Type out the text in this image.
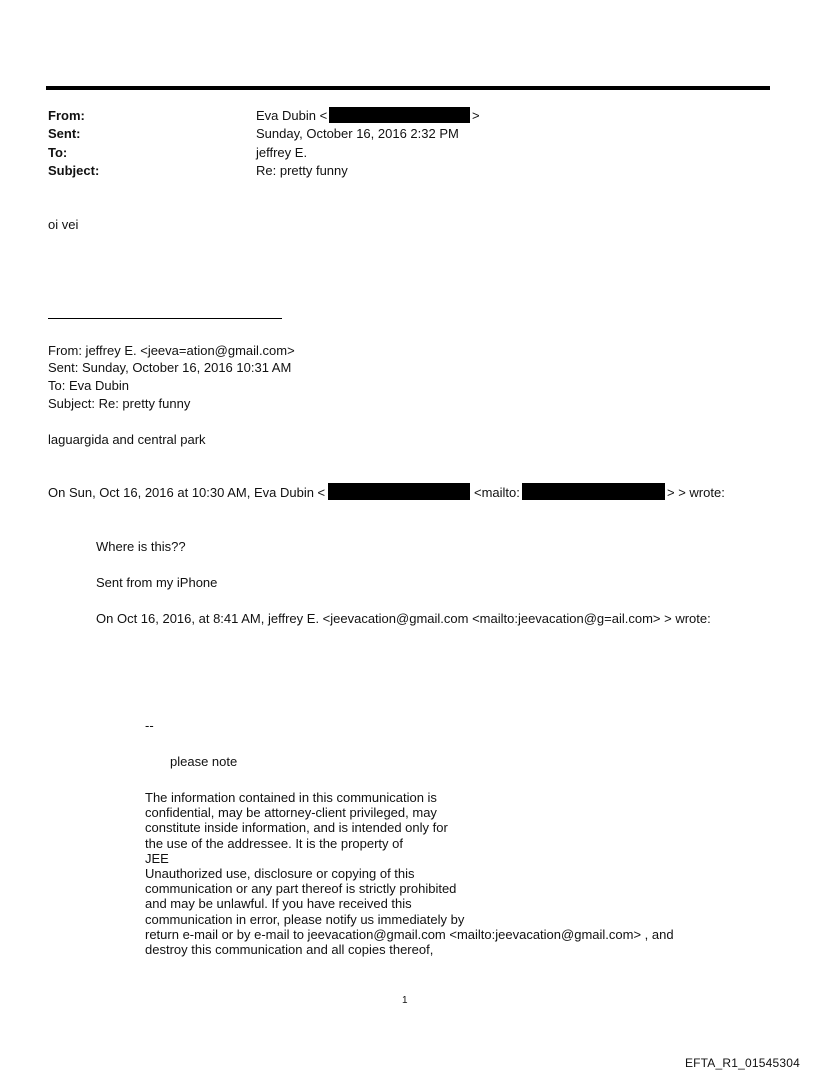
From:	Eva Dubin <	>
Sent:	Sunday, October 16, 2016 2:32 PM
To:	jeffrey E.
Subject:	Re: pretty funny
oi vei
From: jeffrey E. <jeeva=ation@gmail.com>
Sent: Sunday, October 16, 2016 10:31 AM
To: Eva Dubin
Subject: Re: pretty funny
laguargida and central park
On Sun, Oct 16, 2016 at 10:30 AM, Eva Dubin <	<mailto:	> > wrote:
Where is this??
Sent from my iPhone
On Oct 16, 2016, at 8:41 AM, jeffrey E. <jeevacation@gmail.com <mailto:jeevacation@g=ail.com> > wrote:
--
please note
The information contained in this communication is
confidential, may be attorney-client privileged, may
constitute inside information, and is intended only for
the use of the addressee. It is the property of
JEE
Unauthorized use, disclosure or copying of this
communication or any part thereof is strictly prohibited
and may be unlawful. If you have received this
communication in error, please notify us immediately by
return e-mail or by e-mail to jeevacation@gmail.com <mailto:jeevacation@gmail.com> , and
destroy this communication and all copies thereof,
1
EFTA_R1_01545304
